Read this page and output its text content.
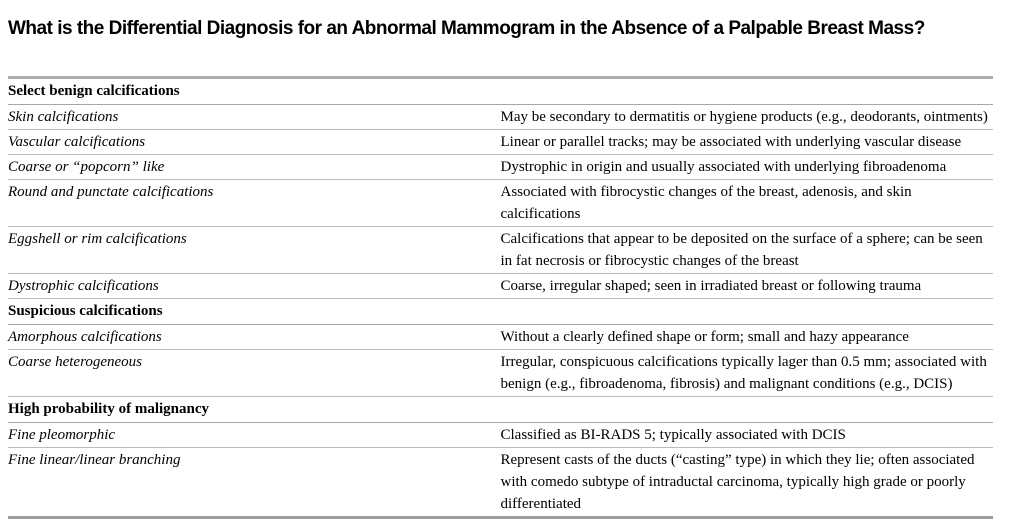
What is the Differential Diagnosis for an Abnormal Mammogram in the Absence of a Palpable Breast Mass?
Select benign calcifications	
Skin calcifications	May be secondary to dermatitis or hygiene products (e.g., deodorants, ointments)
Vascular calcifications	Linear or parallel tracks; may be associated with underlying vascular disease
Coarse or “popcorn” like	Dystrophic in origin and usually associated with underlying fibroadenoma
Round and punctate calcifications	Associated with fibrocystic changes of the breast, adenosis, and skin calcifications
Eggshell or rim calcifications	Calcifications that appear to be deposited on the surface of a sphere; can be seen in fat necrosis or fibrocystic changes of the breast
Dystrophic calcifications	Coarse, irregular shaped; seen in irradiated breast or following trauma
Suspicious calcifications	
Amorphous calcifications	Without a clearly defined shape or form; small and hazy appearance
Coarse heterogeneous	Irregular, conspicuous calcifications typically lager than 0.5 mm; associated with benign (e.g., fibroadenoma, fibrosis) and malignant conditions (e.g., DCIS)
High probability of malignancy	
Fine pleomorphic	Classified as BI-RADS 5; typically associated with DCIS
Fine linear/linear branching	Represent casts of the ducts (“casting” type) in which they lie; often associated with comedo subtype of intraductal carcinoma, typically high grade or poorly differentiated
